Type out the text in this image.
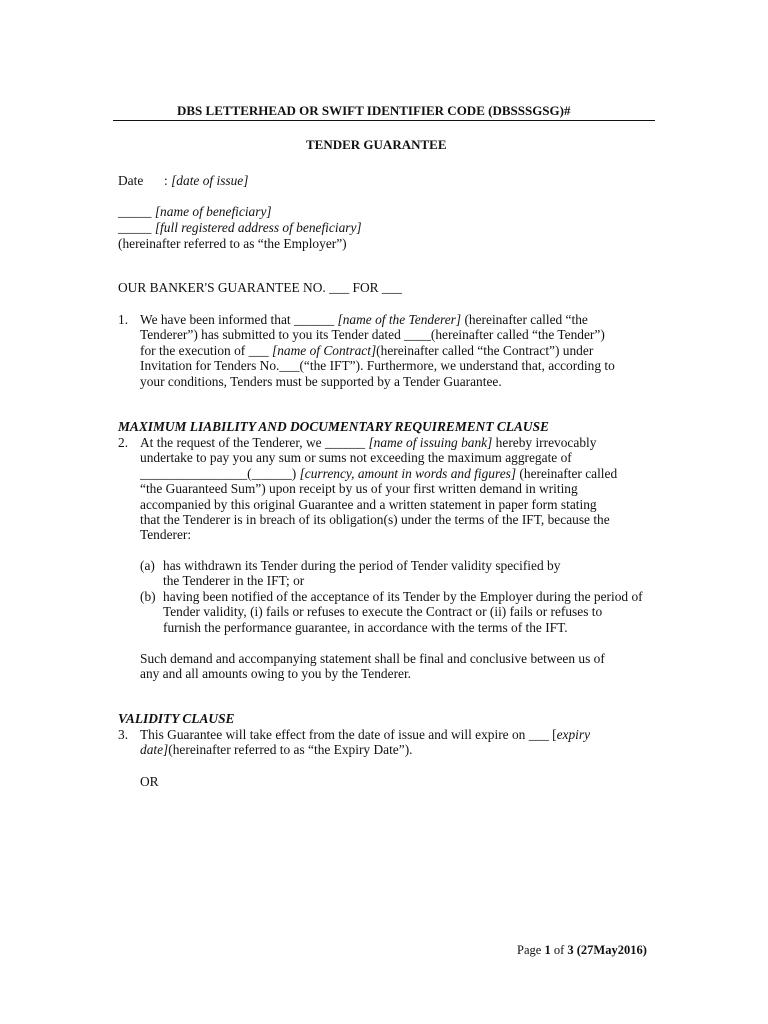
DBS LETTERHEAD OR SWIFT IDENTIFIER CODE (DBSSSGSG)#
TENDER GUARANTEE
Date : [date of issue]
_____ [name of beneficiary]
_____ [full registered address of beneficiary]
(hereinafter referred to as “the Employer”)
OUR BANKER'S GUARANTEE NO. ___ FOR ___
1. We have been informed that ______ [name of the Tenderer] (hereinafter called “the
Tenderer”) has submitted to you its Tender dated ____(hereinafter called “the Tender”)
for the execution of ___ [name of Contract](hereinafter called “the Contract”) under
Invitation for Tenders No.___(“the IFT”). Furthermore, we understand that, according to
your conditions, Tenders must be supported by a Tender Guarantee.
MAXIMUM LIABILITY AND DOCUMENTARY REQUIREMENT CLAUSE
2. At the request of the Tenderer, we ______ [name of issuing bank] hereby irrevocably
undertake to pay you any sum or sums not exceeding the maximum aggregate of
________________(______) [currency, amount in words and figures] (hereinafter called
“the Guaranteed Sum”) upon receipt by us of your first written demand in writing
accompanied by this original Guarantee and a written statement in paper form stating
that the Tenderer is in breach of its obligation(s) under the terms of the IFT, because the
Tenderer:
(a) has withdrawn its Tender during the period of Tender validity specified by
the Tenderer in the IFT; or
(b) having been notified of the acceptance of its Tender by the Employer during the period of
Tender validity, (i) fails or refuses to execute the Contract or (ii) fails or refuses to
furnish the performance guarantee, in accordance with the terms of the IFT.
Such demand and accompanying statement shall be final and conclusive between us of
any and all amounts owing to you by the Tenderer.
VALIDITY CLAUSE
3. This Guarantee will take effect from the date of issue and will expire on ___ [expiry
date](hereinafter referred to as “the Expiry Date”).
OR
Page 1 of 3 (27May2016)
